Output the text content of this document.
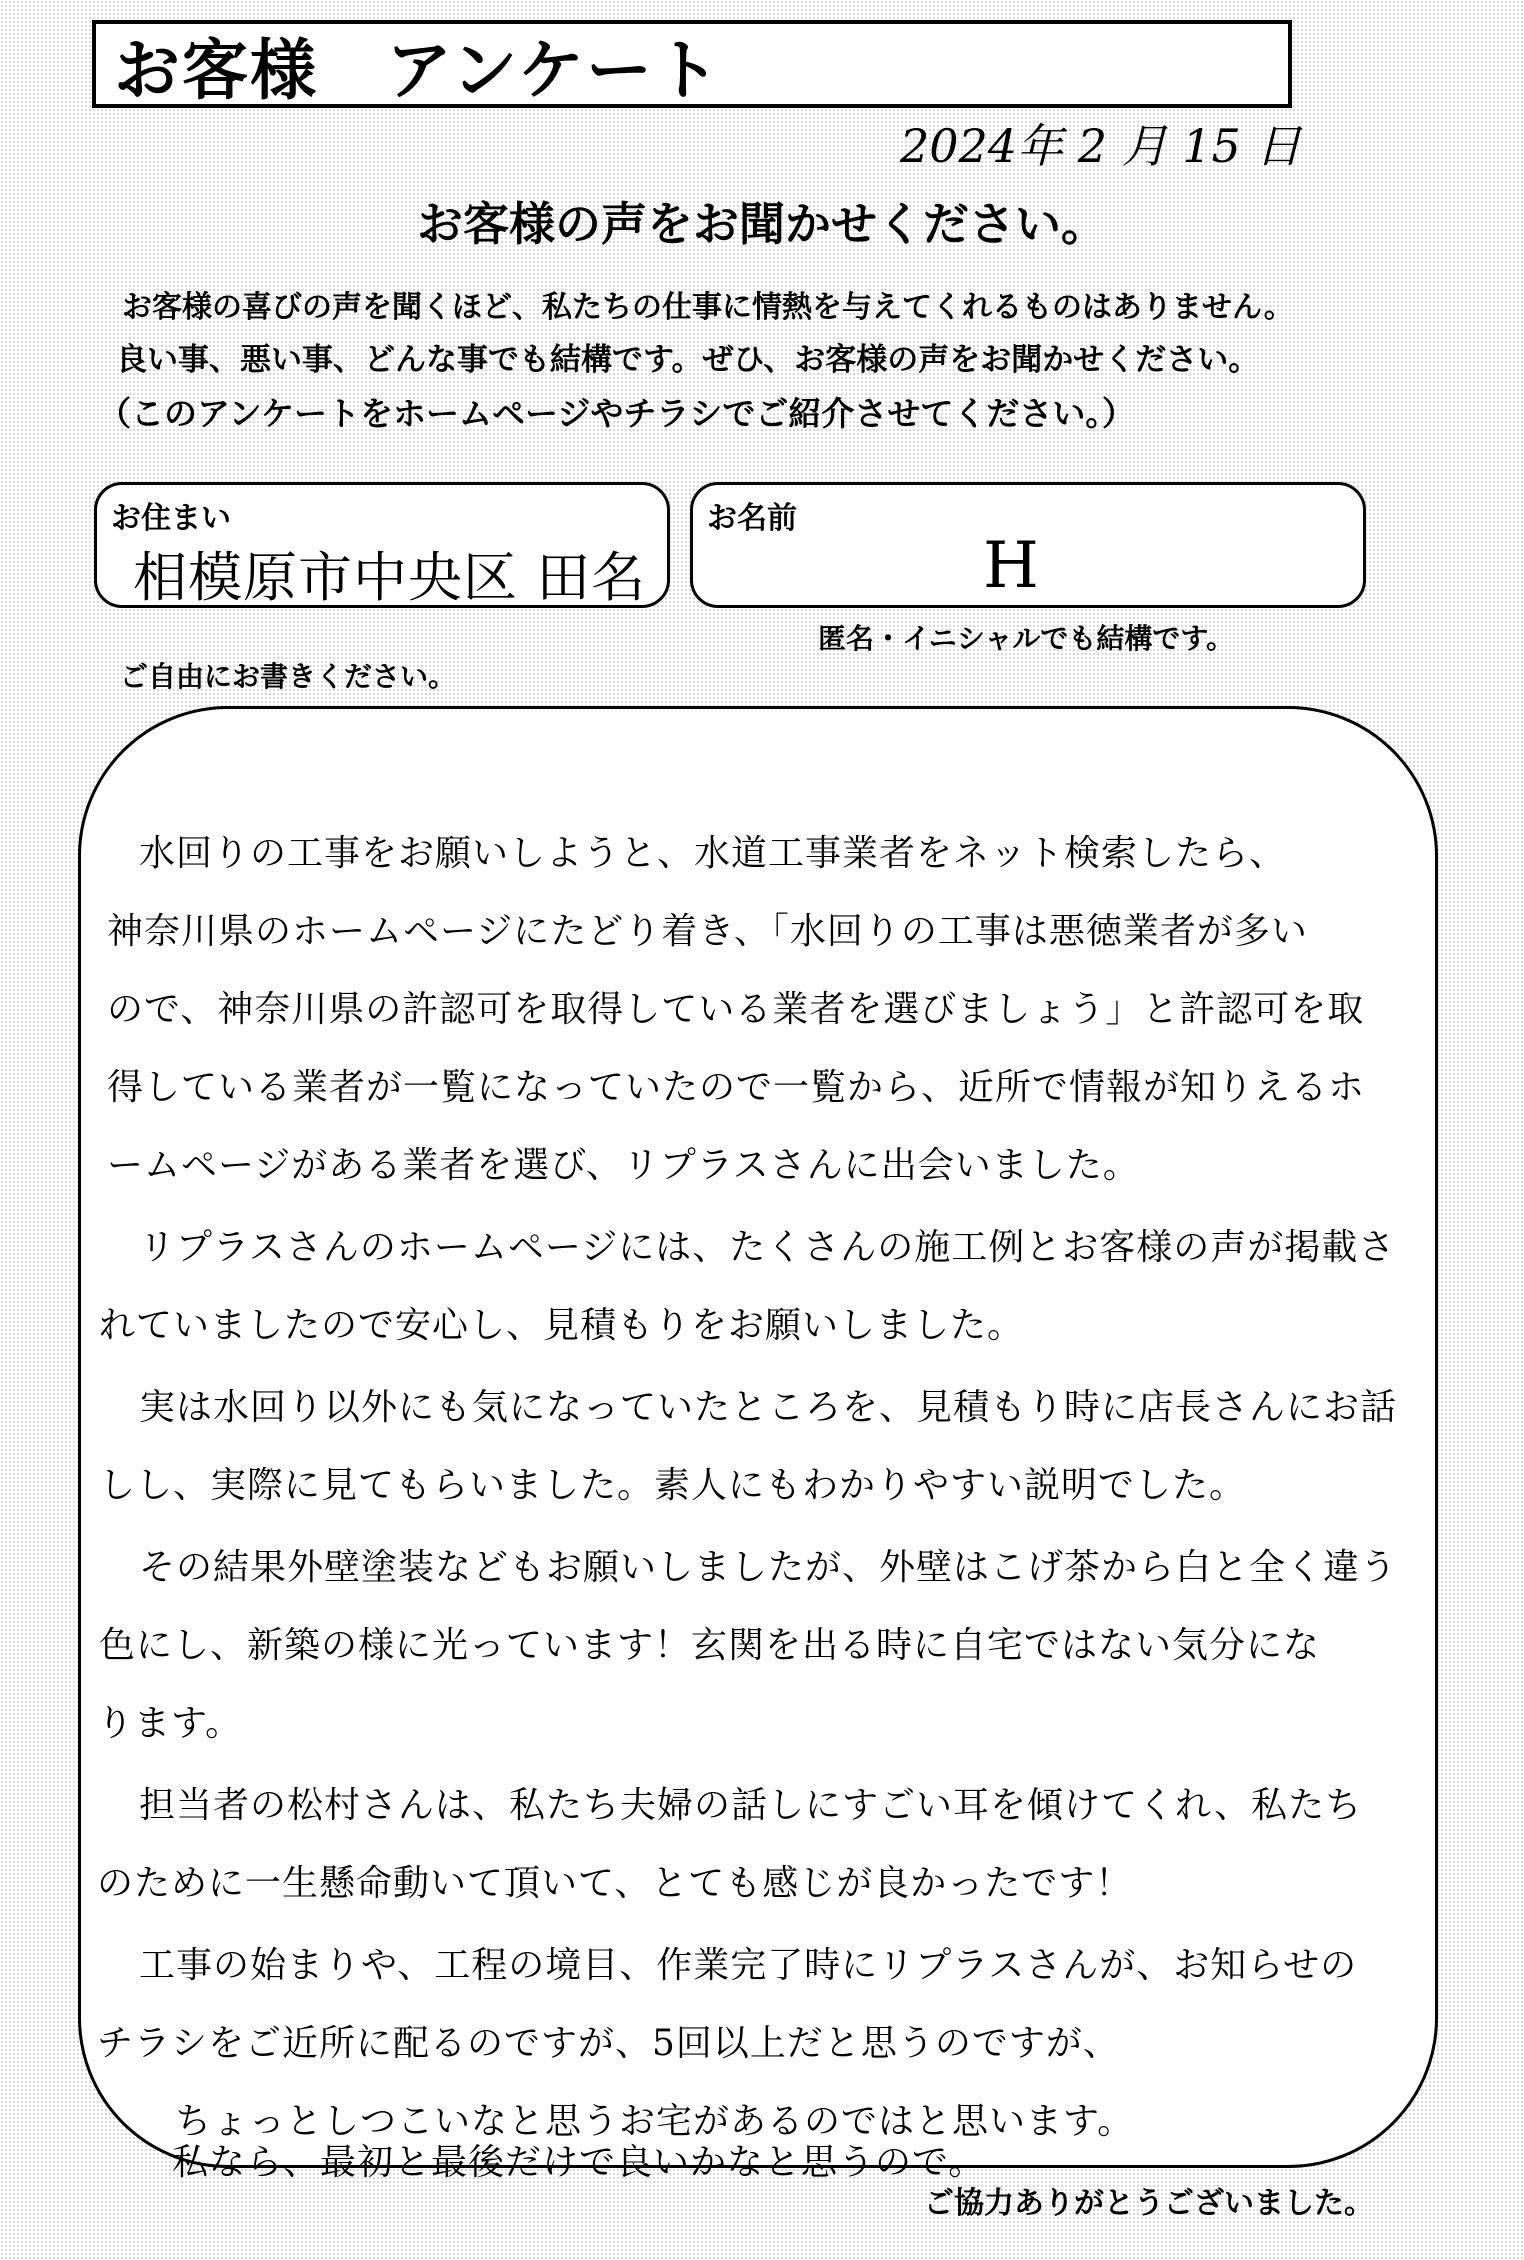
お客様　アンケート
2024年 2 月 15 日
お客様の声をお聞かせください。
お客様の喜びの声を聞くほど、私たちの仕事に情熱を与えてくれるものはありません。
良い事、悪い事、どんな事でも結構です。ぜひ、お客様の声をお聞かせください。
（このアンケートをホームページやチラシでご紹介させてください。）
お住まい
相模原市中央区 田名
お名前
H
匿名・イニシャルでも結構です。
ご自由にお書きください。
水回りの工事をお願いしようと、水道工事業者をネット検索したら、
神奈川県のホームページにたどり着き、「水回りの工事は悪徳業者が多い
ので、神奈川県の許認可を取得している業者を選びましょう」と許認可を取
得している業者が一覧になっていたので一覧から、近所で情報が知りえるホ
ームページがある業者を選び、リプラスさんに出会いました。
リプラスさんのホームページには、たくさんの施工例とお客様の声が掲載さ
れていましたので安心し、見積もりをお願いしました。
実は水回り以外にも気になっていたところを、見積もり時に店長さんにお話
しし、実際に見てもらいました。素人にもわかりやすい説明でした。
その結果外壁塗装などもお願いしましたが、外壁はこげ茶から白と全く違う
色にし、新築の様に光っています！玄関を出る時に自宅ではない気分にな
ります。
担当者の松村さんは、私たち夫婦の話しにすごい耳を傾けてくれ、私たち
のために一生懸命動いて頂いて、とても感じが良かったです！
工事の始まりや、工程の境目、作業完了時にリプラスさんが、お知らせの
チラシをご近所に配るのですが、5回以上だと思うのですが、
ちょっとしつこいなと思うお宅があるのではと思います。
私なら、最初と最後だけで良いかなと思うので。
ご協力ありがとうございました。
